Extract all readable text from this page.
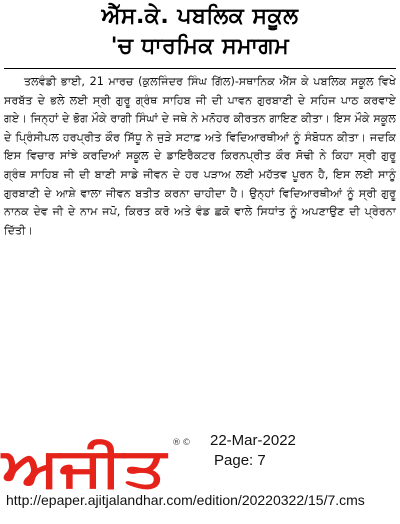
ਐੱਸ.ਕੇ. ਪਬਲਿਕ ਸਕੂਲ
'ਚ ਧਾਰਮਿਕ ਸਮਾਗਮ

ਤਲਵੰਡੀ ਭਾਈ, 21 ਮਾਰਚ (ਕੁਲਜਿੰਦਰ ਸਿੰਘ ਗਿੱਲ)-ਸਥਾਨਿਕ ਐੱਸ ਕੇ ਪਬਲਿਕ ਸਕੂਲ ਵਿਖੇ ਸਰਬੱਤ ਦੇ ਭਲੇ ਲਈ ਸ੍ਰੀ ਗੁਰੂ ਗ੍ਰੰਥ ਸਾਹਿਬ ਜੀ ਦੀ ਪਾਵਨ ਗੁਰਬਾਣੀ ਦੇ ਸਹਿਜ ਪਾਠ ਕਰਵਾਏ ਗਏ। ਜਿਨ੍ਹਾਂ ਦੇ ਭੋਗ ਮੌਕੇ ਰਾਗੀ ਸਿੰਘਾਂ ਦੇ ਜਥੇ ਨੇ ਮਨੋਹਰ ਕੀਰਤਨ ਗਾਇਣ ਕੀਤਾ। ਇਸ ਮੌਕੇ ਸਕੂਲ ਦੇ ਪ੍ਰਿੰਸੀਪਲ ਹਰਪ੍ਰੀਤ ਕੌਰ ਸਿੱਧੂ ਨੇ ਜੁੜੇ ਸਟਾਫ਼ ਅਤੇ ਵਿਦਿਆਰਥੀਆਂ ਨੂੰ ਸੰਬੋਧਨ ਕੀਤਾ। ਜਦਕਿ ਇਸ ਵਿਚਾਰ ਸਾਂਝੇ ਕਰਦਿਆਂ ਸਕੂਲ ਦੇ ਡਾਇਰੈਕਟਰ ਕਿਰਨਪ੍ਰੀਤ ਕੌਰ ਸੋਢੀ ਨੇ ਕਿਹਾ ਸ੍ਰੀ ਗੁਰੂ ਗ੍ਰੰਥ ਸਾਹਿਬ ਜੀ ਦੀ ਬਾਣੀ ਸਾਡੇ ਜੀਵਨ ਦੇ ਹਰ ਪੜਾਅ ਲਈ ਮਹੱਤਵ ਪੂਰਨ ਹੈ, ਇਸ ਲਈ ਸਾਨੂੰ ਗੁਰਬਾਣੀ ਦੇ ਆਸ਼ੇ ਵਾਲਾ ਜੀਵਨ ਬਤੀਤ ਕਰਨਾ ਚਾਹੀਦਾ ਹੈ। ਉਨ੍ਹਾਂ ਵਿਦਿਆਰਥੀਆਂ ਨੂੰ ਸ੍ਰੀ ਗੁਰੂ ਨਾਨਕ ਦੇਵ ਜੀ ਦੇ ਨਾਮ ਜਪੋ, ਕਿਰਤ ਕਰੋ ਅਤੇ ਵੰਡ ਛਕੋ ਵਾਲੇ ਸਿਧਾਂਤ ਨੂੰ ਅਪਣਾਉਣ ਦੀ ਪ੍ਰੇਰਨਾ ਦਿੱਤੀ।

ਅਜੀਤ ®© 22-Mar-2022
Page: 7
http://epaper.ajitjalandhar.com/edition/20220322/15/7.cms
